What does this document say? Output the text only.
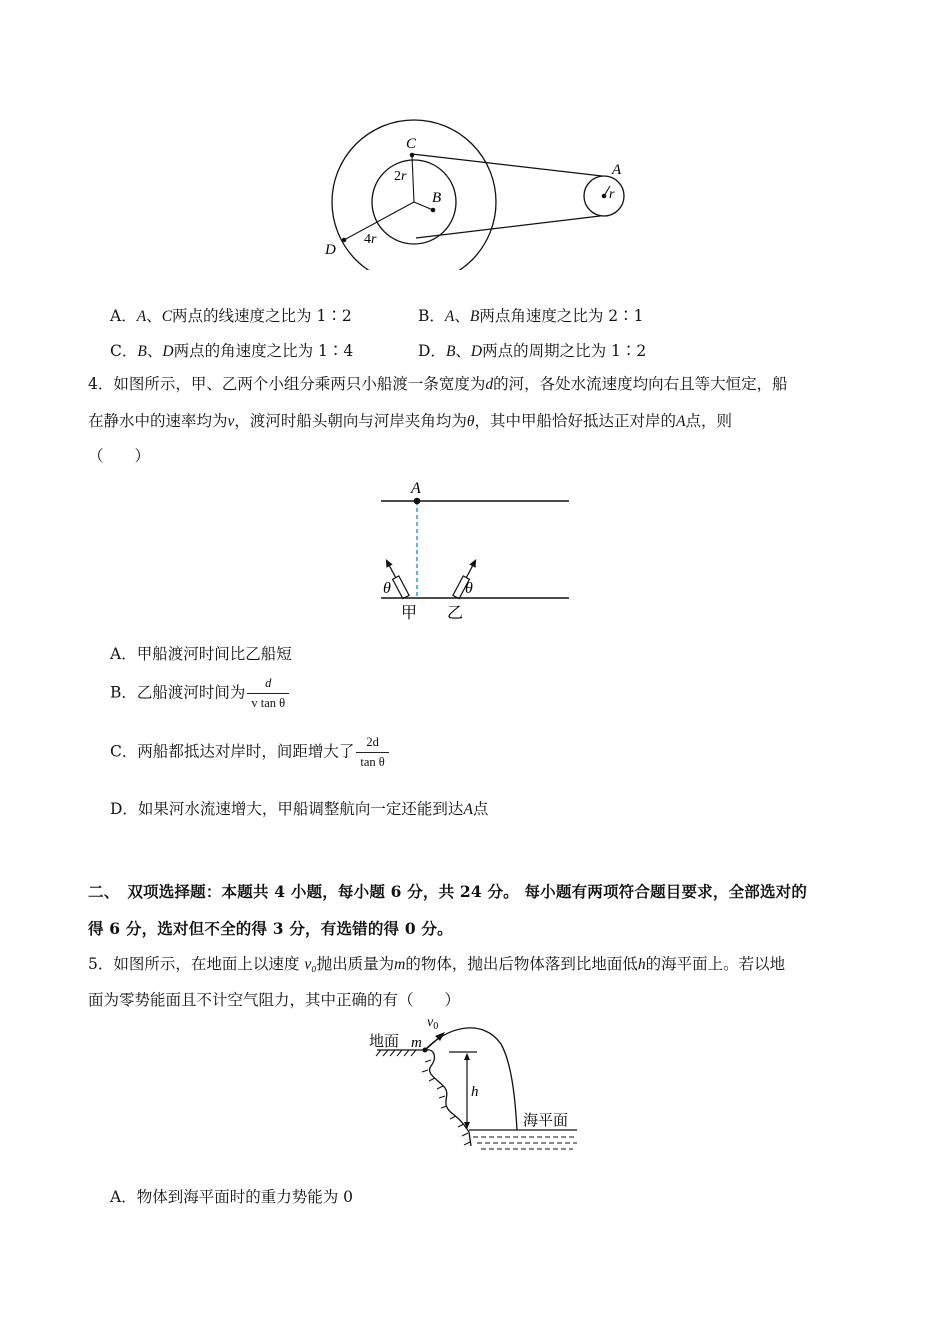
C
2r
B
4r
D
A
r
A．A、C两点的线速度之比为 1∶2	B．A、B两点角速度之比为 2∶1
C．B、D两点的角速度之比为 1∶4	D．B、D两点的周期之比为 1∶2
4．如图所示，甲、乙两个小组分乘两只小船渡一条宽度为d的河，各处水流速度均向右且等大恒定，船
在静水中的速率均为v，渡河时船头朝向与河岸夹角均为θ，其中甲船恰好抵达正对岸的A点，则
（　　）
A
θ	θ
甲 乙
A．甲船渡河时间比乙船短
B．乙船渡河时间为 $\frac{d}{\text{v tan θ}}$
C．两船都抵达对岸时，间距增大了 $\frac{2d}{\text{tan θ}}$
D．如果河水流速增大，甲船调整航向一定还能到达A点
二、　双项选择题：本题共 4 小题，每小题 6 分，共 24 分。 每小题有两项符合题目要求，全部选对的
得 6 分，选对但不全的得 3 分，有选错的得 0 分。
5．如图所示，在地面上以速度 v₀抛出质量为m的物体，抛出后物体落到比地面低h的海平面上。若以地
面为零势能面且不计空气阻力，其中正确的有（　　）
地面 m
$v_0$
h
海平面
A．物体到海平面时的重力势能为 0
